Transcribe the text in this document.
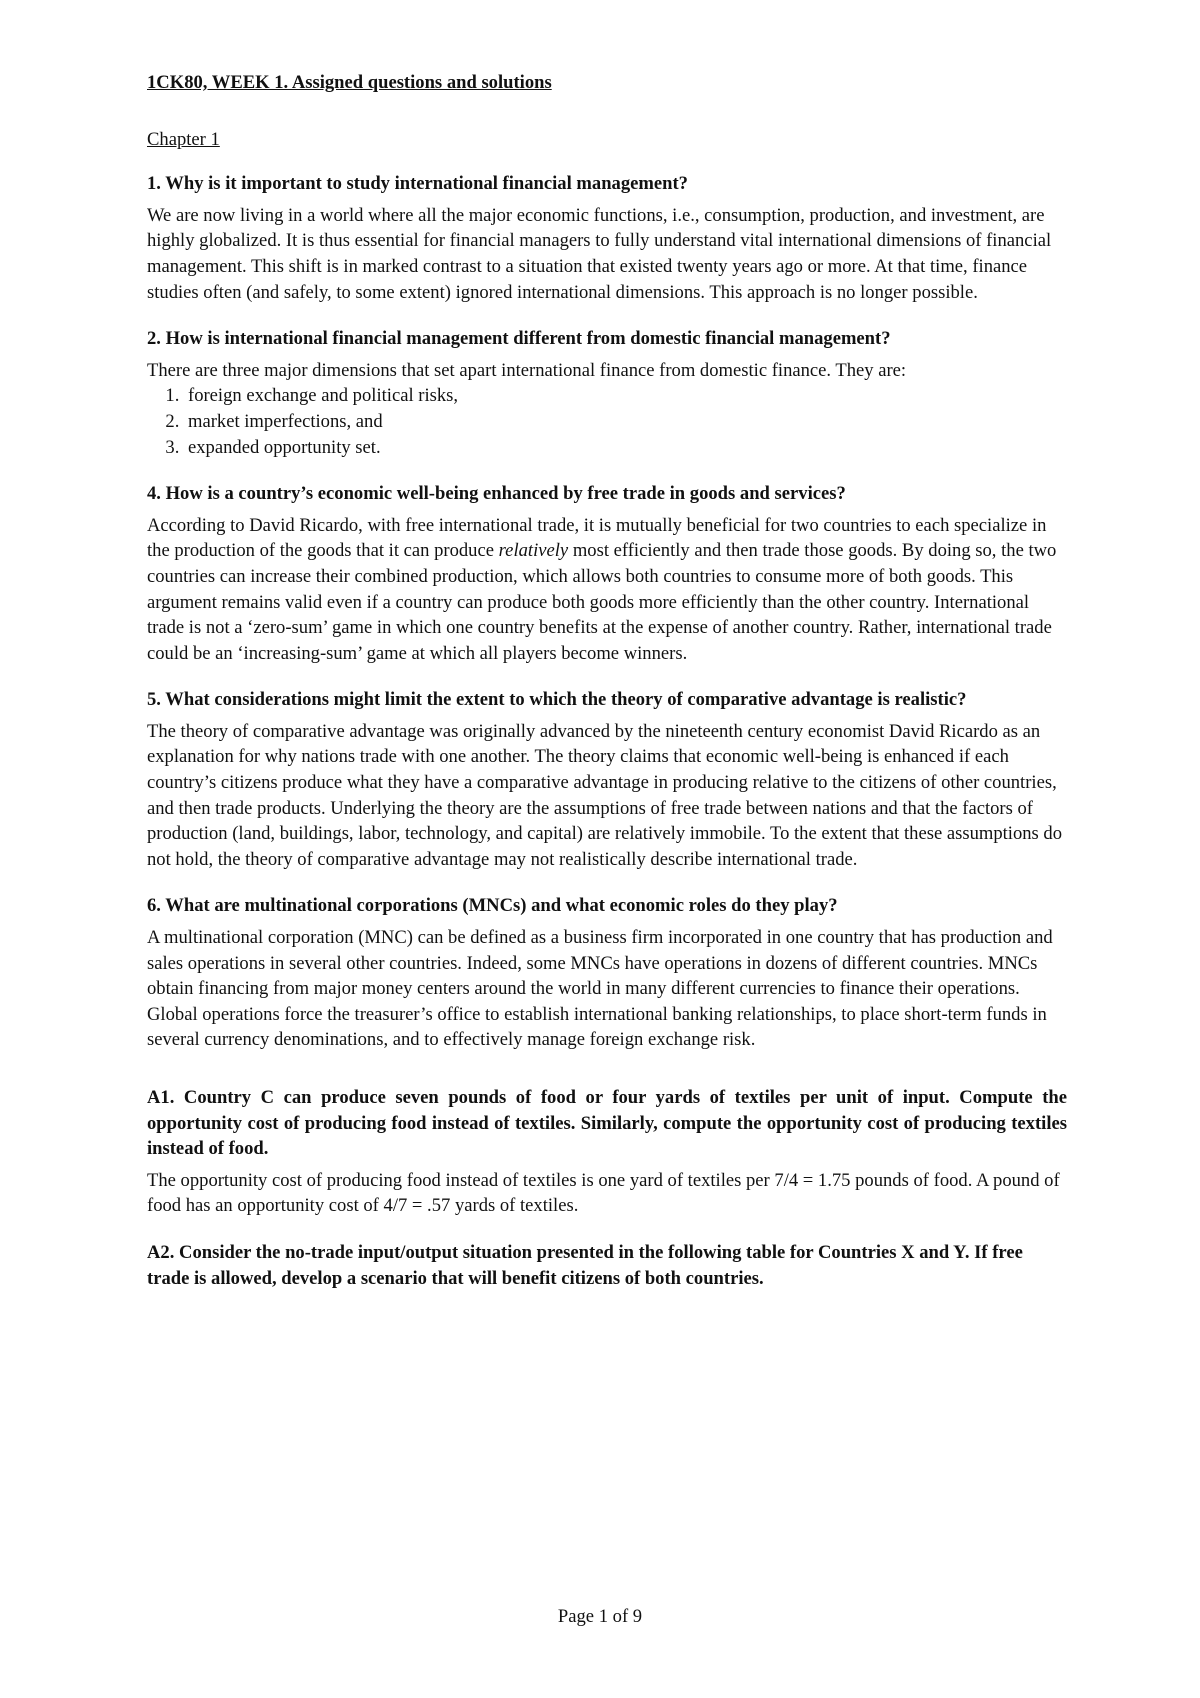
1CK80, WEEK 1. Assigned questions and solutions
Chapter 1
1. Why is it important to study international financial management?
We are now living in a world where all the major economic functions, i.e., consumption, production, and investment, are highly globalized. It is thus essential for financial managers to fully understand vital international dimensions of financial management. This shift is in marked contrast to a situation that existed twenty years ago or more. At that time, finance studies often (and safely, to some extent) ignored international dimensions. This approach is no longer possible.
2. How is international financial management different from domestic financial management?
There are three major dimensions that set apart international finance from domestic finance. They are:
1. foreign exchange and political risks,
2. market imperfections, and
3. expanded opportunity set.
4. How is a country’s economic well-being enhanced by free trade in goods and services?
According to David Ricardo, with free international trade, it is mutually beneficial for two countries to each specialize in the production of the goods that it can produce relatively most efficiently and then trade those goods. By doing so, the two countries can increase their combined production, which allows both countries to consume more of both goods. This argument remains valid even if a country can produce both goods more efficiently than the other country. International trade is not a ‘zero-sum’ game in which one country benefits at the expense of another country. Rather, international trade could be an ‘increasing-sum’ game at which all players become winners.
5. What considerations might limit the extent to which the theory of comparative advantage is realistic?
The theory of comparative advantage was originally advanced by the nineteenth century economist David Ricardo as an explanation for why nations trade with one another. The theory claims that economic well-being is enhanced if each country’s citizens produce what they have a comparative advantage in producing relative to the citizens of other countries, and then trade products. Underlying the theory are the assumptions of free trade between nations and that the factors of production (land, buildings, labor, technology, and capital) are relatively immobile. To the extent that these assumptions do not hold, the theory of comparative advantage may not realistically describe international trade.
6. What are multinational corporations (MNCs) and what economic roles do they play?
A multinational corporation (MNC) can be defined as a business firm incorporated in one country that has production and sales operations in several other countries. Indeed, some MNCs have operations in dozens of different countries. MNCs obtain financing from major money centers around the world in many different currencies to finance their operations. Global operations force the treasurer’s office to establish international banking relationships, to place short-term funds in several currency denominations, and to effectively manage foreign exchange risk.
A1. Country C can produce seven pounds of food or four yards of textiles per unit of input. Compute the opportunity cost of producing food instead of textiles. Similarly, compute the opportunity cost of producing textiles instead of food.
The opportunity cost of producing food instead of textiles is one yard of textiles per 7/4 = 1.75 pounds of food. A pound of food has an opportunity cost of 4/7 = .57 yards of textiles.
A2. Consider the no-trade input/output situation presented in the following table for Countries X and Y. If free trade is allowed, develop a scenario that will benefit citizens of both countries.
Page 1 of 9
